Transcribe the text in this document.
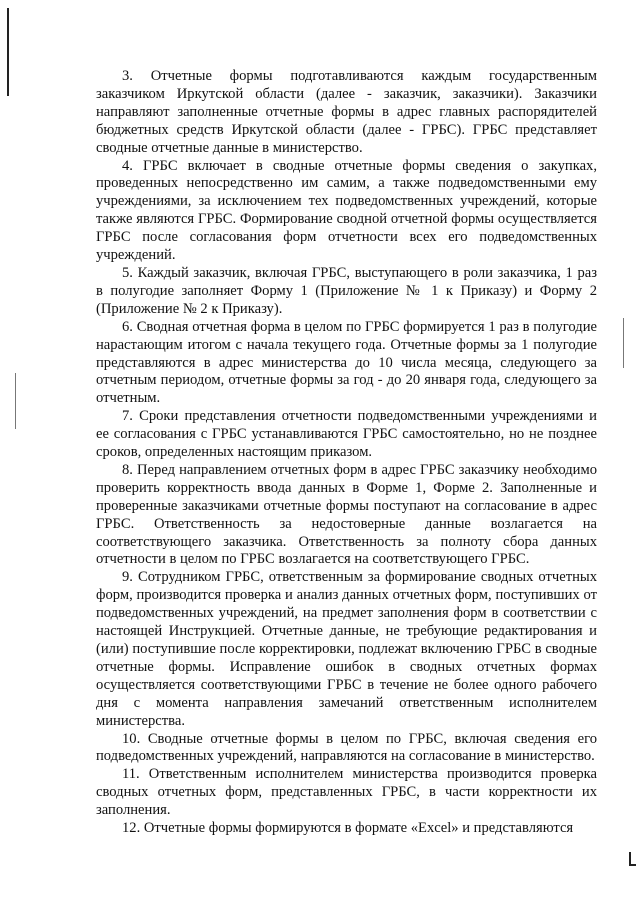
3. Отчетные формы подготавливаются каждым государственным заказчиком Иркутской области (далее - заказчик, заказчики). Заказчики направляют заполненные отчетные формы в адрес главных распорядителей бюджетных средств Иркутской области (далее - ГРБС). ГРБС представляет сводные отчетные данные в министерство.

4. ГРБС включает в сводные отчетные формы сведения о закупках, проведенных непосредственно им самим, а также подведомственными ему учреждениями, за исключением тех подведомственных учреждений, которые также являются ГРБС. Формирование сводной отчетной формы осуществляется ГРБС после согласования форм отчетности всех его подведомственных учреждений.

5. Каждый заказчик, включая ГРБС, выступающего в роли заказчика, 1 раз в полугодие заполняет Форму 1 (Приложение № 1 к Приказу) и Форму 2 (Приложение № 2 к Приказу).

6. Сводная отчетная форма в целом по ГРБС формируется 1 раз в полугодие нарастающим итогом с начала текущего года. Отчетные формы за 1 полугодие представляются в адрес министерства до 10 числа месяца, следующего за отчетным периодом, отчетные формы за год - до 20 января года, следующего за отчетным.

7. Сроки представления отчетности подведомственными учреждениями и ее согласования с ГРБС устанавливаются ГРБС самостоятельно, но не позднее сроков, определенных настоящим приказом.

8. Перед направлением отчетных форм в адрес ГРБС заказчику необходимо проверить корректность ввода данных в Форме 1, Форме 2. Заполненные и проверенные заказчиками отчетные формы поступают на согласование в адрес ГРБС. Ответственность за недостоверные данные возлагается на соответствующего заказчика. Ответственность за полноту сбора данных отчетности в целом по ГРБС возлагается на соответствующего ГРБС.

9. Сотрудником ГРБС, ответственным за формирование сводных отчетных форм, производится проверка и анализ данных отчетных форм, поступивших от подведомственных учреждений, на предмет заполнения форм в соответствии с настоящей Инструкцией. Отчетные данные, не требующие редактирования и (или) поступившие после корректировки, подлежат включению ГРБС в сводные отчетные формы. Исправление ошибок в сводных отчетных формах осуществляется соответствующими ГРБС в течение не более одного рабочего дня с момента направления замечаний ответственным исполнителем министерства.

10. Сводные отчетные формы в целом по ГРБС, включая сведения его подведомственных учреждений, направляются на согласование в министерство.

11. Ответственным исполнителем министерства производится проверка сводных отчетных форм, представленных ГРБС, в части корректности их заполнения.

12. Отчетные формы формируются в формате «Excel» и представляются
